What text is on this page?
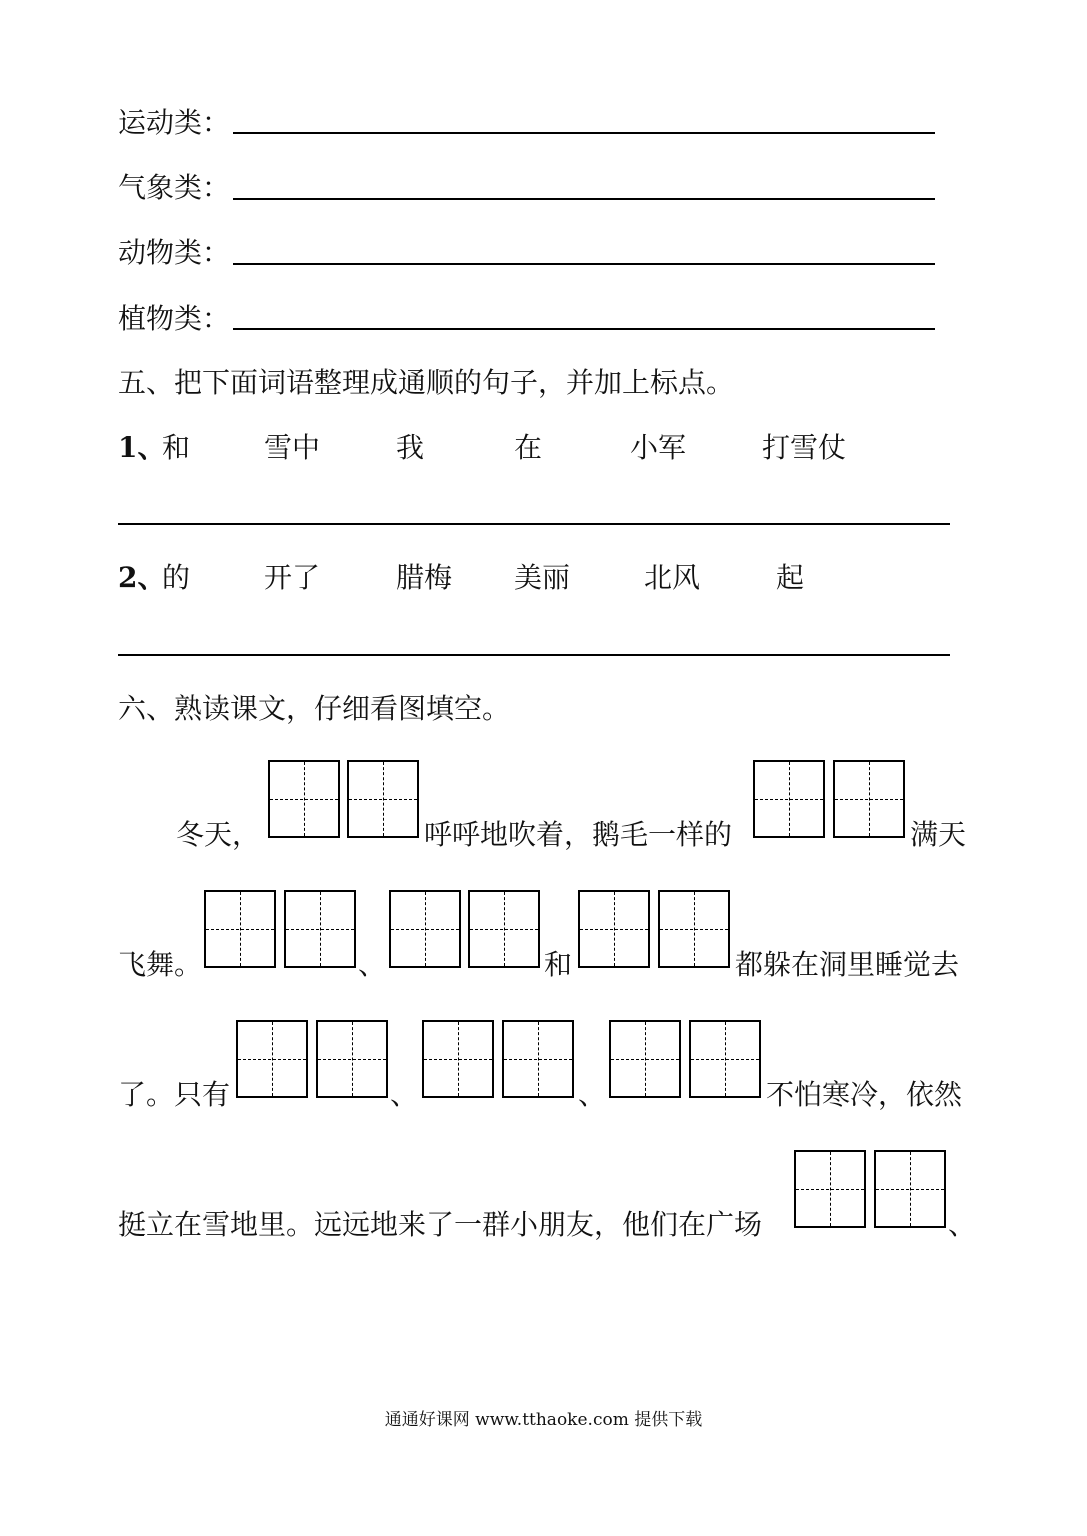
运动类：
气象类：
动物类：
植物类：
五、把下面词语整理成通顺的句子，并加上标点。
1、
和	雪中	我	在	小军	打雪仗
2、
的	开了	腊梅 美丽	北风	起
六、熟读课文，仔细看图填空。
冬天，	呼呼地吹着，鹅毛一样的	满天
飞舞。	、	和	都躲在洞里睡觉去
了。只有	、	、	不怕寒冷，依然
挺立在雪地里。远远地来了一群小朋友，他们在广场	、
通通好课网 www.tthaoke.com 提供下载
